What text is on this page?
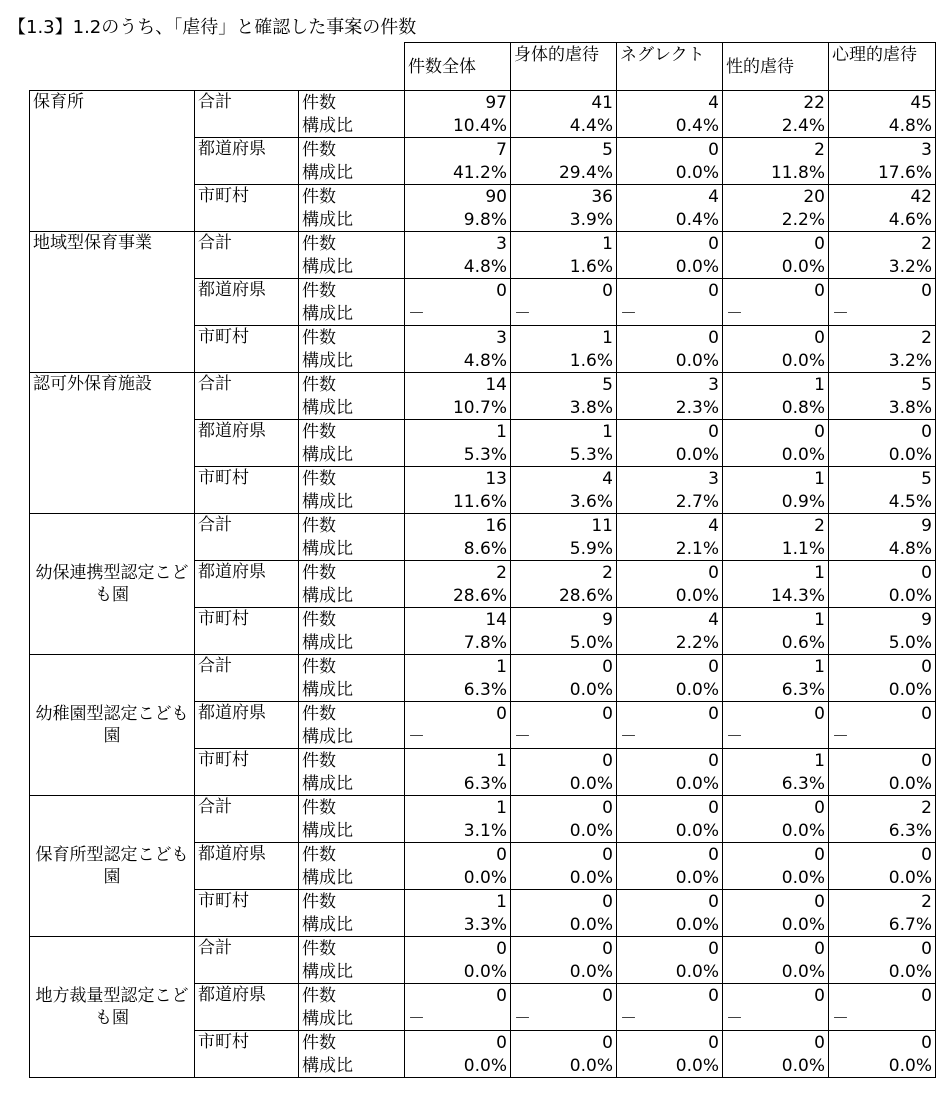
【1.3】1.2のうち、「虐待」と確認した事案の件数
			件数全体	身体的虐待	ネグレクト	性的虐待	心理的虐待
保育所	合計	件数	97	41	4	22	45
		構成比	10.4%	4.4%	0.4%	2.4%	4.8%
	都道府県	件数	7	5	0	2	3
		構成比	41.2%	29.4%	0.0%	11.8%	17.6%
	市町村	件数	90	36	4	20	42
		構成比	9.8%	3.9%	0.4%	2.2%	4.6%
地域型保育事業	合計	件数	3	1	0	0	2
		構成比	4.8%	1.6%	0.0%	0.0%	3.2%
	都道府県	件数	0	0	0	0	0
		構成比	－	－	－	－	－
	市町村	件数	3	1	0	0	2
		構成比	4.8%	1.6%	0.0%	0.0%	3.2%
認可外保育施設	合計	件数	14	5	3	1	5
		構成比	10.7%	3.8%	2.3%	0.8%	3.8%
	都道府県	件数	1	1	0	0	0
		構成比	5.3%	5.3%	0.0%	0.0%	0.0%
	市町村	件数	13	4	3	1	5
		構成比	11.6%	3.6%	2.7%	0.9%	4.5%
幼保連携型認定こども園	合計	件数	16	11	4	2	9
		構成比	8.6%	5.9%	2.1%	1.1%	4.8%
	都道府県	件数	2	2	0	1	0
		構成比	28.6%	28.6%	0.0%	14.3%	0.0%
	市町村	件数	14	9	4	1	9
		構成比	7.8%	5.0%	2.2%	0.6%	5.0%
幼稚園型認定こども園	合計	件数	1	0	0	1	0
		構成比	6.3%	0.0%	0.0%	6.3%	0.0%
	都道府県	件数	0	0	0	0	0
		構成比	－	－	－	－	－
	市町村	件数	1	0	0	1	0
		構成比	6.3%	0.0%	0.0%	6.3%	0.0%
保育所型認定こども園	合計	件数	1	0	0	0	2
		構成比	3.1%	0.0%	0.0%	0.0%	6.3%
	都道府県	件数	0	0	0	0	0
		構成比	0.0%	0.0%	0.0%	0.0%	0.0%
	市町村	件数	1	0	0	0	2
		構成比	3.3%	0.0%	0.0%	0.0%	6.7%
地方裁量型認定こども園	合計	件数	0	0	0	0	0
		構成比	0.0%	0.0%	0.0%	0.0%	0.0%
	都道府県	件数	0	0	0	0	0
		構成比	－	－	－	－	－
	市町村	件数	0	0	0	0	0
		構成比	0.0%	0.0%	0.0%	0.0%	0.0%
